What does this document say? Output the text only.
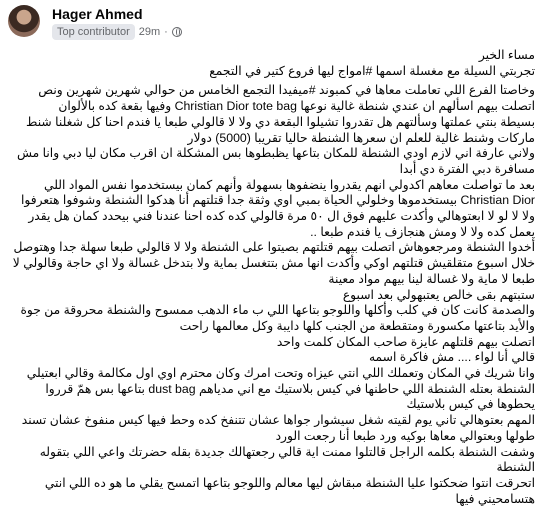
Hager Ahmed
Top contributor 29m ·

مساء الخير

تجربتي السيلة مع مغسلة اسمها #امواج ليها فروع كتير في التجمع

وخاصتا الفرع اللي تعاملت معاها في كمبوند #ميفيدا التجمع الخامس من حوالي شهرين شهرين ونص

اتصلت بيهم اسألهم ان عندي شنطة غالية نوعها Christian Dior tote bag وفيها بقعة كده بالألوان

بسيطة بنتي عملتها وسألتهم هل تقدروا تشيلوا البقعة دي ولا لا قالولي طبعا يا فندم احنا كل شغلنا شنط

ماركات وشنط غالية للعلم ان سعرها الشنطة حاليا تقريبا (5000) دولار

ولاني عارفة اني لازم اودي الشنطة للمكان بتاعها يظبطوها بس المشكلة ان اقرب مكان ليا دبي وانا مش

مسافرة دبي الفترة دي أبدا

بعد ما تواصلت معاهم اكدولي انهم يقدروا ينضفوها بسهولة وأنهم كمان بيستخدموا نفس المواد اللي

Christian Dior بيستخدموها وخلولي الحياة بمبي اوي وثقة جدا قتلتهم أنا هدكوا الشنطة وشوفوا هتعرفوا

ولا لا لو لا ابعتوهالي وأكدت عليهم فوق ال ٥٠ مرة قالولي كده كده احنا عندنا فني بيحدد كمان هل يقدر

يعمل كده ولا لا ومش هنجازف يا فندم طبعا ..

أخدوا الشنطة ومرجعوهاش اتصلت بيهم قتلتهم بصيتوا على الشنطة ولا لا قالولي طبعا سهلة جدا وهتوصل

خلال اسبوع متقلقيش قتلتهم اوكي وأكدت انها مش بتتغسل بماية ولا بتدخل غسالة ولا اي حاجة وقالولي لا

طبعا لا ماية ولا غسالة لينا بيهم مواد معينة

ستبتهم بقى خالص يعتبهولي بعد اسبوع

والصدمة كانت كان في كلب وأكلها واللوجو بتاعها اللي ب ماء الدهب ممسوح والشنطة محروقة من جوة

والأيد بتاعتها مكسورة ومتقطعة من الجنب كلها دايبة وكل معالمها راحت

اتصلت بيهم قلتلهم عايزة صاحب المكان كلمت واحد

قالي أنا لواء .... مش فاكرة اسمه

وانا شريك في المكان وتعملك اللي انتي عيزاه وتحت امرك وكان محترم اوي اول مكالمة وقالي ابعتيلي

الشنطة بعتله الشنطة اللي حاطنها في كيس بلاستيك مع اني مدياهم dust bag بتاعها بس همّ قرروا

يحطوها في كيس بلاستيك

المهم بعتوهالي تاني يوم لقيته شغل سيشوار جواها عشان تتنفخ كده وحط فيها كيس منفوخ عشان تسند

طولها وبعتوالي معاها بوكيه ورد طبعا أنا رجعت الورد

وشفت الشنطة بكلمه الراجل قالتلوا ممنت اية قالي رجعتهالك جديدة بقله حضرتك واعي اللي بتقوله الشنطة

اتحرقت انتوا ضحكتوا عليا الشنطة مبقاش ليها معالم واللوجو بتاعها اتمسح يقلي ما هو ده اللي انتي

هتسامحيني فيها
